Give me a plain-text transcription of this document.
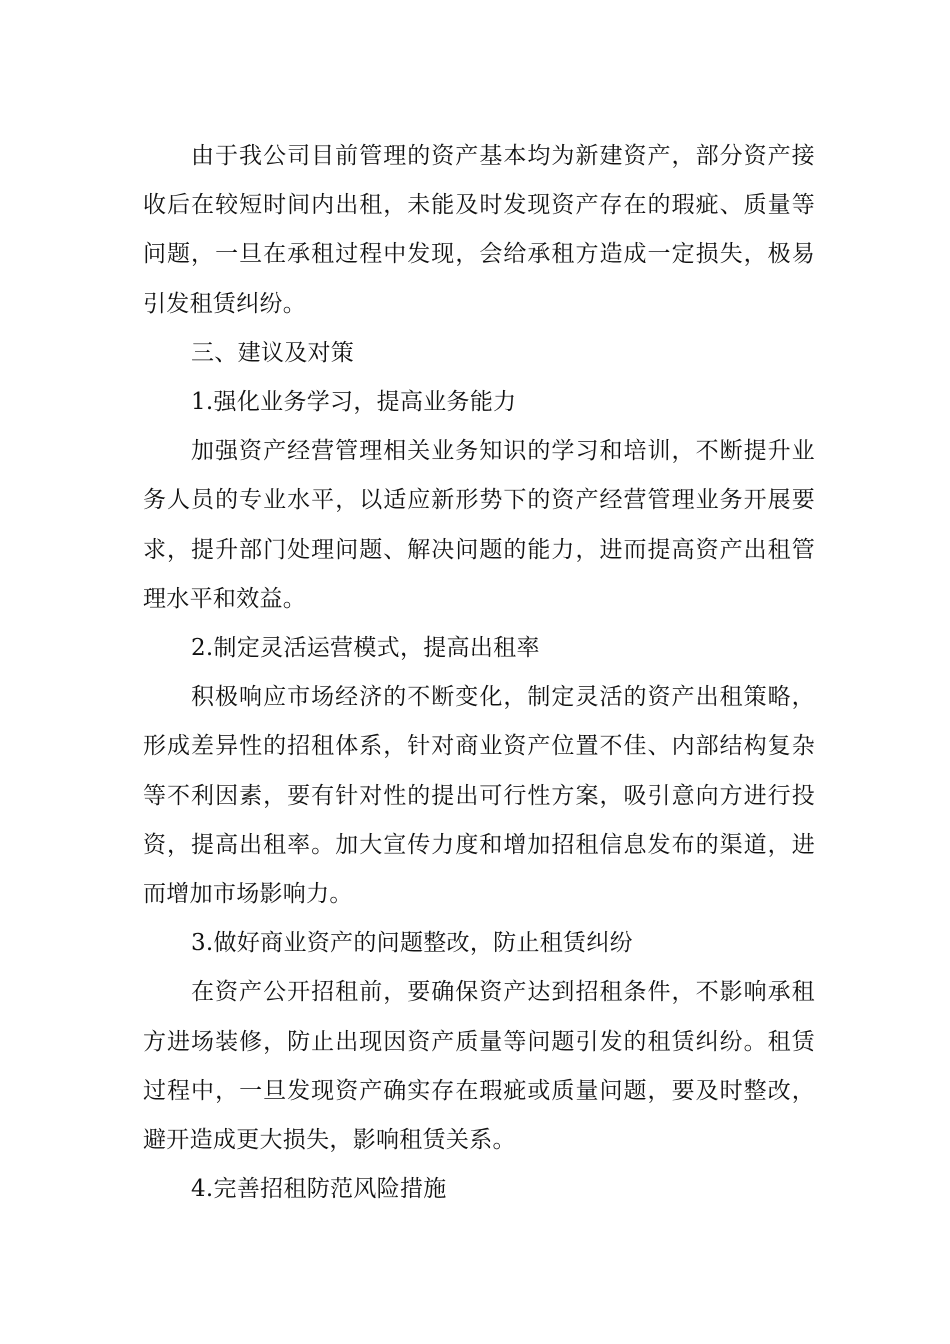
由于我公司目前管理的资产基本均为新建资产，部分资产接收后在较短时间内出租，未能及时发现资产存在的瑕疵、质量等问题，一旦在承租过程中发现，会给承租方造成一定损失，极易引发租赁纠纷。

三、建议及对策

1.强化业务学习，提高业务能力

加强资产经营管理相关业务知识的学习和培训，不断提升业务人员的专业水平，以适应新形势下的资产经营管理业务开展要求，提升部门处理问题、解决问题的能力，进而提高资产出租管理水平和效益。

2.制定灵活运营模式，提高出租率

积极响应市场经济的不断变化，制定灵活的资产出租策略，形成差异性的招租体系，针对商业资产位置不佳、内部结构复杂等不利因素，要有针对性的提出可行性方案，吸引意向方进行投资，提高出租率。加大宣传力度和增加招租信息发布的渠道，进而增加市场影响力。

3.做好商业资产的问题整改，防止租赁纠纷

在资产公开招租前，要确保资产达到招租条件，不影响承租方进场装修，防止出现因资产质量等问题引发的租赁纠纷。租赁过程中，一旦发现资产确实存在瑕疵或质量问题，要及时整改，避开造成更大损失，影响租赁关系。

4.完善招租防范风险措施
